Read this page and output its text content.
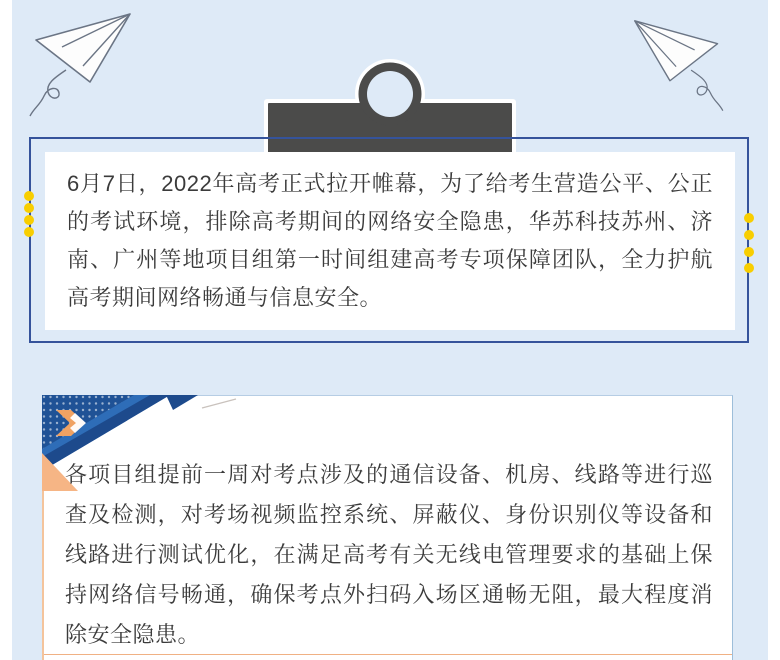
6月7日，2022年高考正式拉开帷幕，为了给考生营造公平、公正的考试环境，排除高考期间的网络安全隐患，华苏科技苏州、济南、广州等地项目组第一时间组建高考专项保障团队，全力护航高考期间网络畅通与信息安全。

各项目组提前一周对考点涉及的通信设备、机房、线路等进行巡查及检测，对考场视频监控系统、屏蔽仪、身份识别仪等设备和线路进行测试优化，在满足高考有关无线电管理要求的基础上保持网络信号畅通，确保考点外扫码入场区通畅无阻，最大程度消除安全隐患。
